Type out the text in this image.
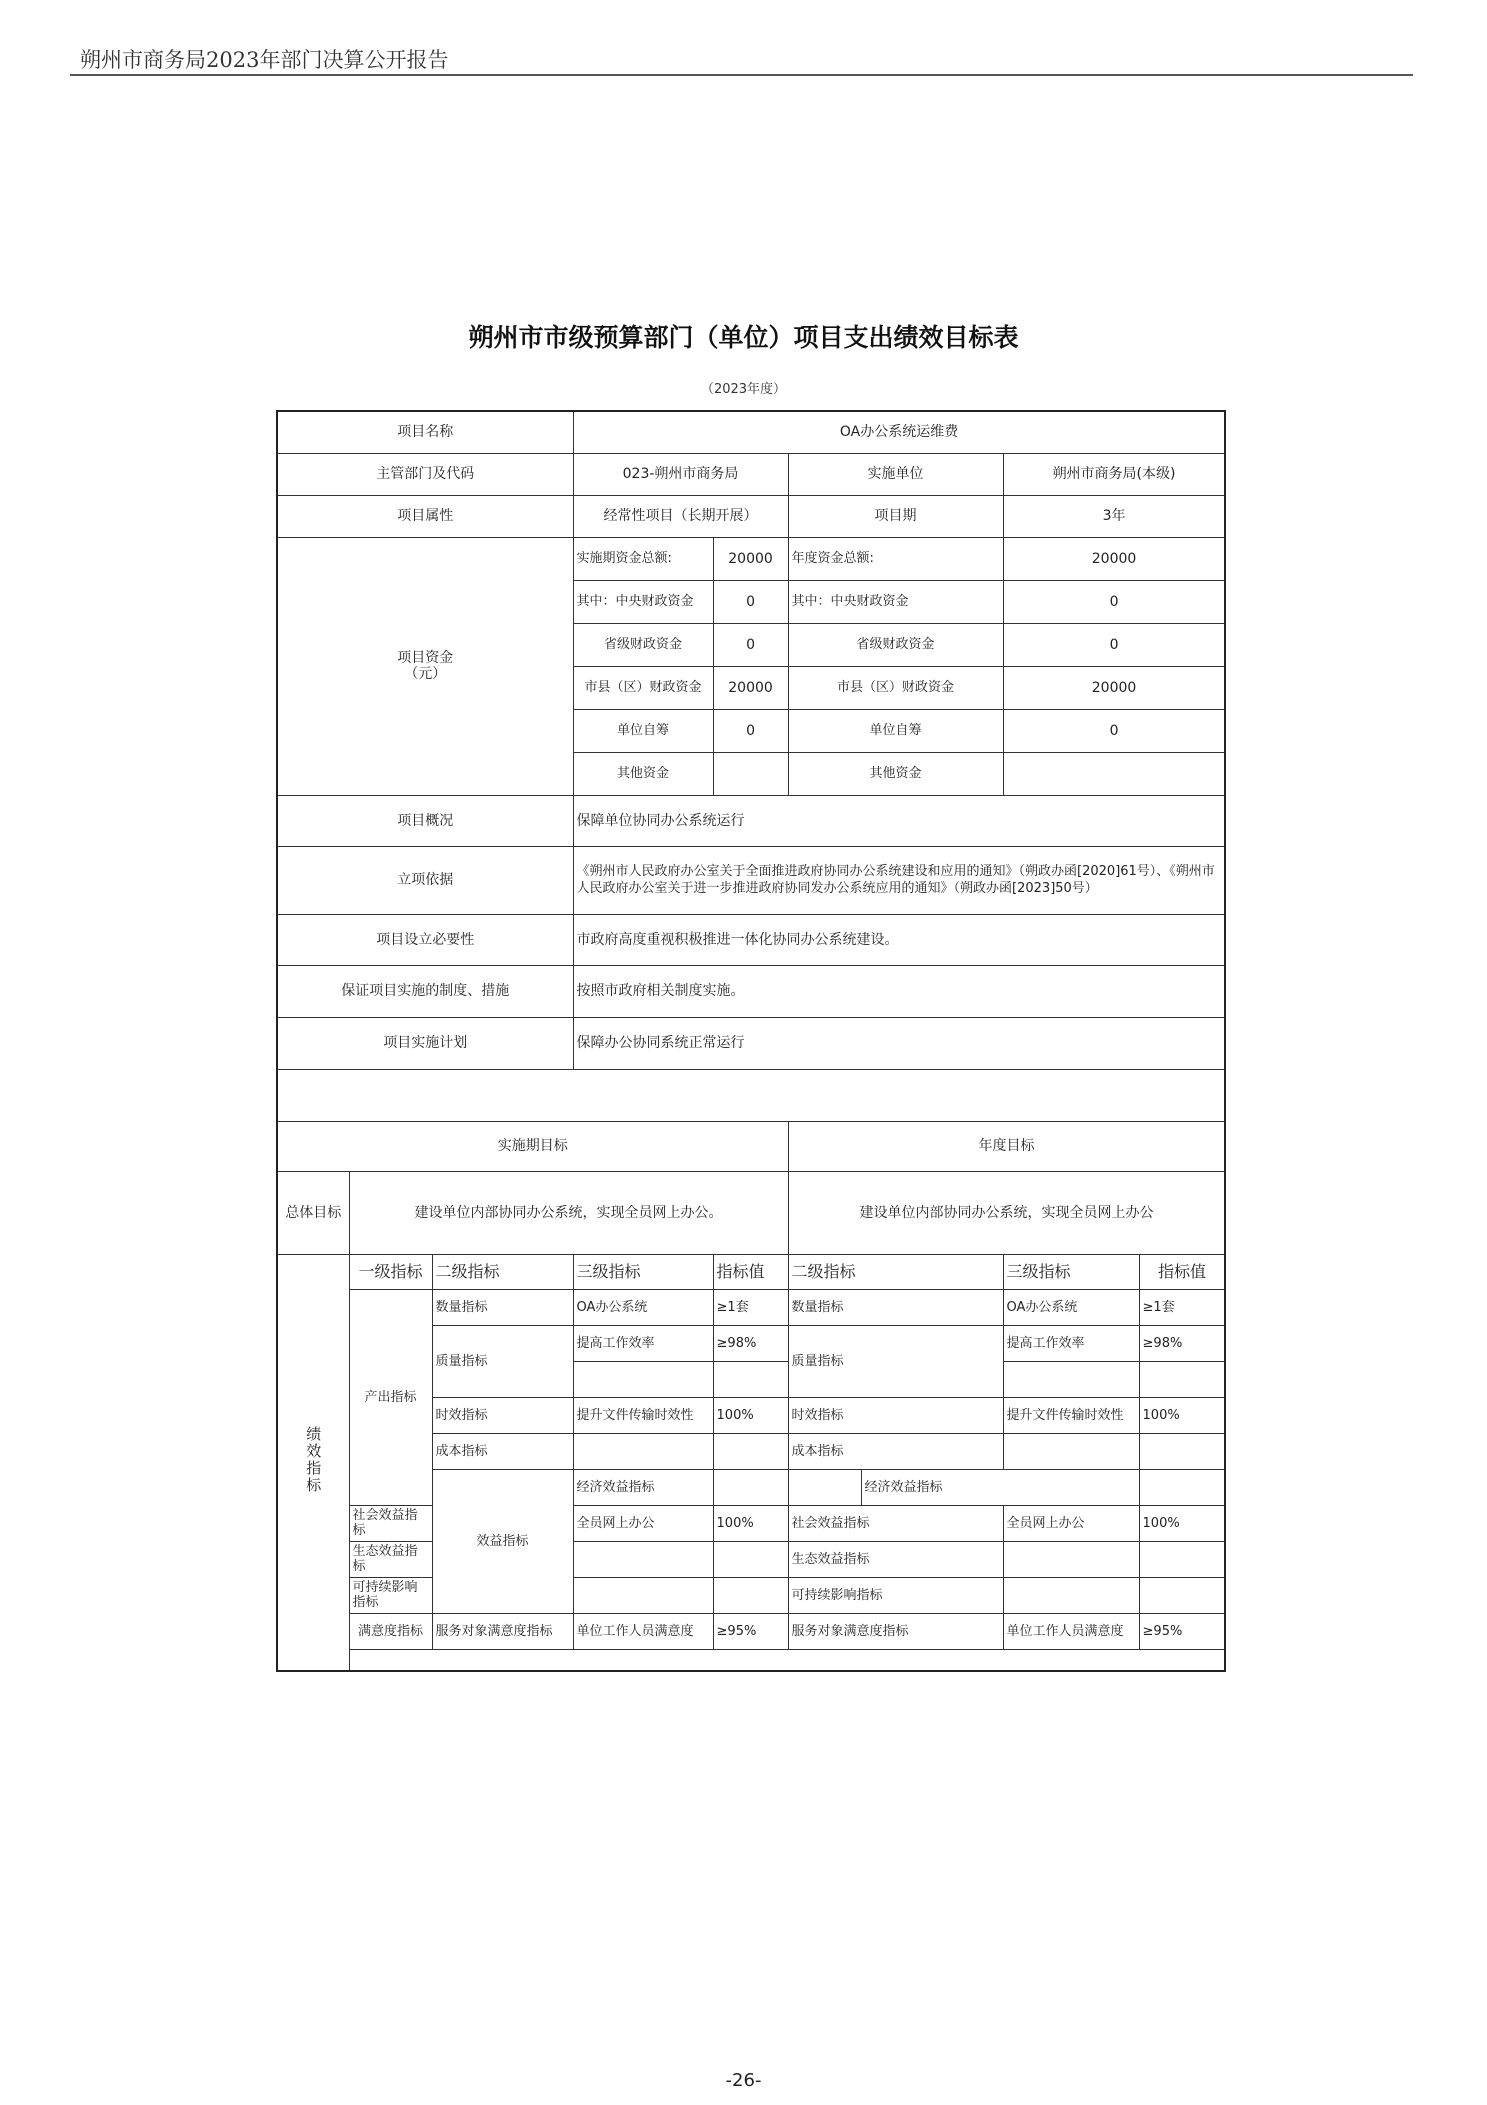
朔州市商务局2023年部门决算公开报告
朔州市市级预算部门（单位）项目支出绩效目标表
（2023年度）
项目名称			OA办公系统运维费						
主管部门及代码			023-朔州市商务局		实施单位		朔州市商务局(本级)		
项目属性			经常性项目（长期开展）		项目期		3年		

项目资金
（元）			实施期资金总额:	20000	年度资金总额:		20000		
			其中：中央财政资金	0	其中：中央财政资金		0		
			省级财政资金	0	省级财政资金		0		
			市县（区）财政资金	20000	市县（区）财政资金		20000		
			单位自筹	0	单位自筹		0		
			其他资金		其他资金				
项目概况			保障单位协同办公系统运行						
立项依据			《朔州市人民政府办公室关于全面推进政府协同办公系统建设和应用的通知》（朔政办函[2020]61号）、《朔州市人民政府办公室关于进一步推进政府协同发办公系统应用的通知》（朔政办函[2023]50号）						
项目设立必要性			市政府高度重视积极推进一体化协同办公系统建设。						
保证项目实施的制度、措施			按照市政府相关制度实施。						
项目实施计划			保障办公协同系统正常运行						

实施期目标					年度目标				
总体目标	建设单位内部协同办公系统，实现全员网上办公。				建设单位内部协同办公系统，实现全员网上办公				
绩效指标	一级指标	二级指标	三级指标	指标值	二级指标		三级指标	指标值	
	产出指标	数量指标	OA办公系统	≥1套	数量指标		OA办公系统	≥1套	
		质量指标	提高工作效率	≥98%	质量指标		提高工作效率	≥98%	

		时效指标	提升文件传输时效性	100%	时效指标		提升文件传输时效性	100%	
		成本指标			成本指标				
		效益指标	经济效益指标			经济效益指标			
	社会效益指标		全员网上办公	100%	社会效益指标		全员网上办公	100%	
	生态效益指标				生态效益指标				
	可持续影响指标				可持续影响指标				
	满意度指标	服务对象满意度指标	单位工作人员满意度	≥95%	服务对象满意度指标		单位工作人员满意度	≥95%	

-26-
